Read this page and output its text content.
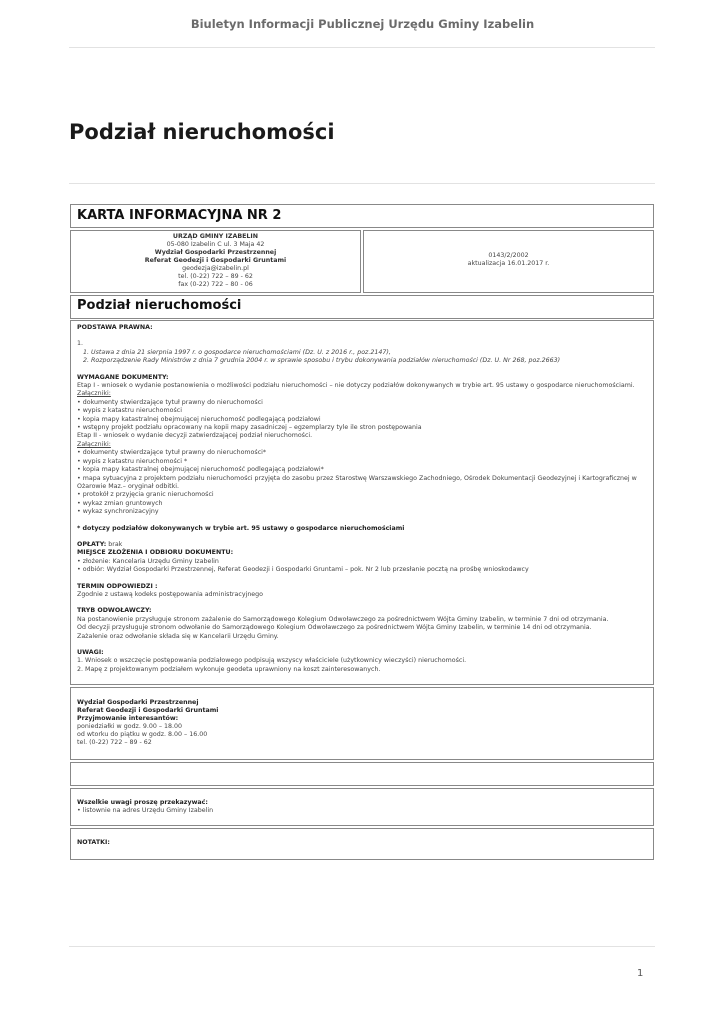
Biuletyn Informacji Publicznej Urzędu Gminy Izabelin
Podział nieruchomości
KARTA INFORMACYJNA NR 2
URZĄD GMINY IZABELIN
05-080 Izabelin C ul. 3 Maja 42
Wydział Gospodarki Przestrzennej
Referat Geodezji i Gospodarki Gruntami
geodezja@izabelin.pl
tel. (0-22) 722 – 89 - 62
fax (0-22) 722 – 80 - 06
0143/2/2002
aktualizacja 16.01.2017 r.
Podział nieruchomości

PODSTAWA PRAWNA:

1.

1. Ustawa z dnia 21 sierpnia 1997 r. o gospodarce nieruchomościami (Dz. U. z 2016 r., poz.2147),
2. Rozporządzenie Rady Ministrów z dnia 7 grudnia 2004 r. w sprawie sposobu i trybu dokonywania podziałów nieruchomości (Dz. U. Nr 268, poz.2663)

WYMAGANE DOKUMENTY:

Etap I - wniosek o wydanie postanowienia o możliwości podziału nieruchomości – nie dotyczy podziałów dokonywanych w trybie art. 95 ustawy o gospodarce nieruchomościami.

Załączniki:

• dokumenty stwierdzające tytuł prawny do nieruchomości

• wypis z katastru nieruchomości

• kopia mapy katastralnej obejmującej nieruchomość podlegającą podziałowi

• wstępny projekt podziału opracowany na kopii mapy zasadniczej – egzemplarzy tyle ile stron postępowania

Etap II - wniosek o wydanie decyzji zatwierdzającej podział nieruchomości.

Załączniki:

• dokumenty stwierdzające tytuł prawny do nieruchomości*

• wypis z katastru nieruchomości *

• kopia mapy katastralnej obejmującej nieruchomość podlegającą podziałowi*

• mapa sytuacyjna z projektem podziału nieruchomości przyjęta do zasobu przez Starostwę Warszawskiego Zachodniego, Ośrodek Dokumentacji Geodezyjnej i Kartograficznej w Ożarowie Maz.– oryginał odbitki.

• protokół z przyjęcia granic nieruchomości

• wykaz zmian gruntowych

• wykaz synchronizacyjny

* dotyczy podziałów dokonywanych w trybie art. 95 ustawy o gospodarce nieruchomościami

OPŁATY: brak

MIEJSCE ZŁOŻENIA I ODBIORU DOKUMENTU:

• złożenie: Kancelaria Urzędu Gminy Izabelin

• odbiór: Wydział Gospodarki Przestrzennej, Referat Geodezji i Gospodarki Gruntami – pok. Nr 2 lub przesłanie pocztą na prośbę wnioskodawcy

TERMIN ODPOWIEDZI :

Zgodnie z ustawą kodeks postępowania administracyjnego

TRYB ODWOŁAWCZY:

Na postanowienie przysługuje stronom zażalenie do Samorządowego Kolegium Odwoławczego za pośrednictwem Wójta Gminy Izabelin, w terminie 7 dni od otrzymania.

Od decyzji przysługuje stronom odwołanie do Samorządowego Kolegium Odwoławczego za pośrednictwem Wójta Gminy Izabelin, w terminie 14 dni od otrzymania.

Zażalenie oraz odwołanie składa się w Kancelarii Urzędu Gminy.

UWAGI:

1. Wniosek o wszczęcie postępowania podziałowego podpisują wszyscy właściciele (użytkownicy wieczyści) nieruchomości.

2. Mapę z projektowanym podziałem wykonuje geodeta uprawniony na koszt zainteresowanych.

Wydział Gospodarki Przestrzennej
Referat Geodezji i Gospodarki Gruntami
Przyjmowanie interesantów:
poniedziałki w godz. 9.00 – 18.00
od wtorku do piątku w godz. 8.00 – 16.00
tel. (0-22) 722 – 89 - 62
Wszelkie uwagi proszę przekazywać:
• listownie na adres Urzędu Gminy Izabelin
NOTATKI:
1
